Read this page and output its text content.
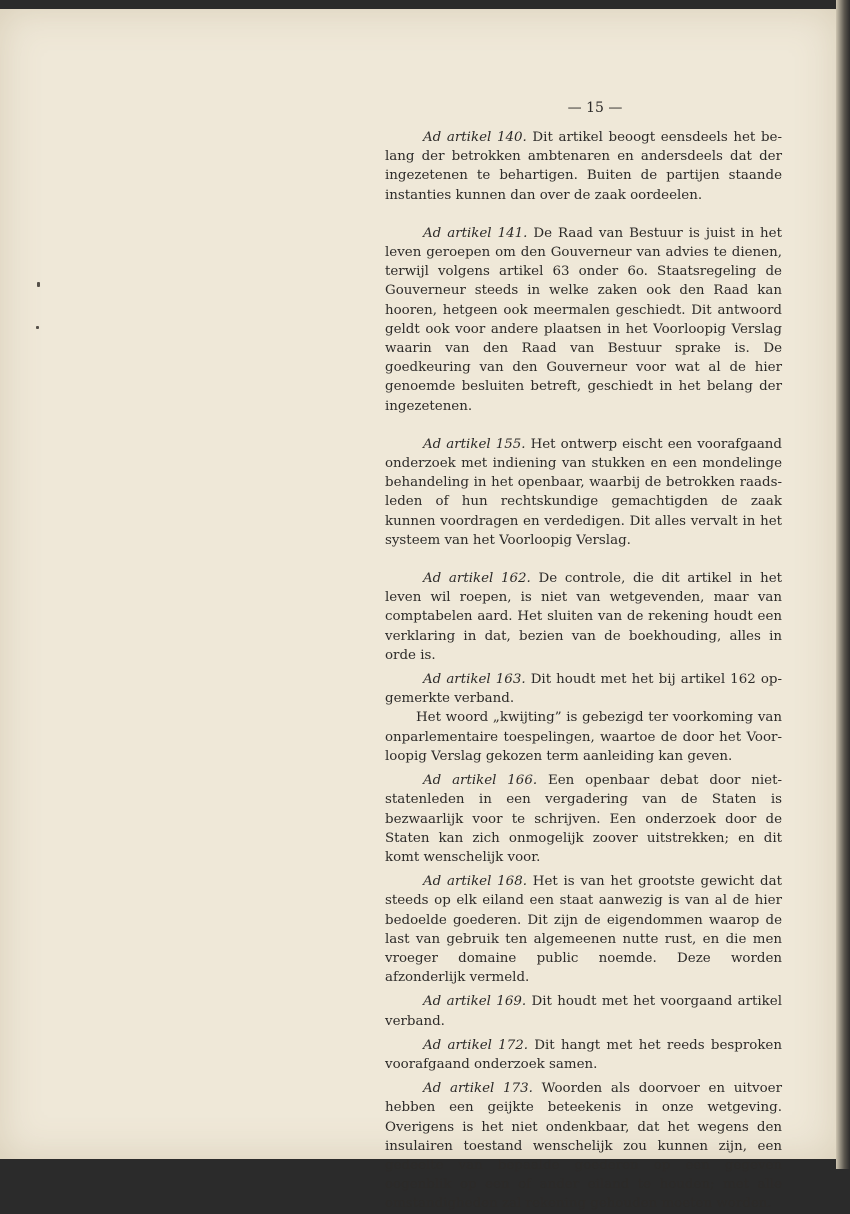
— 15 —

Ad artikel 140. Dit artikel beoogt eensdeels het belang der betrokken ambtenaren en andersdeels dat der ingezetenen te behartigen. Buiten de partijen staande instanties kunnen dan over de zaak oordeelen.

Ad artikel 141. De Raad van Bestuur is juist in het leven geroepen om den Gouverneur van advies te dienen, terwijl volgens artikel 63 onder 6o. Staatsregeling de Gouverneur steeds in welke zaken ook den Raad kan hooren, hetgeen ook meermalen geschiedt. Dit antwoord geldt ook voor andere plaatsen in het Voorloopig Verslag waarin van den Raad van Bestuur sprake is. De goedkeuring van den Gouverneur voor wat al de hier genoemde besluiten betreft, geschiedt in het belang der ingezetenen.

Ad artikel 155. Het ontwerp eischt een voorafgaand onderzoek met indiening van stukken en een mondelinge behandeling in het openbaar, waarbij de betrokken raadsleden of hun rechtskundige gemachtigden de zaak kunnen voordragen en verdedigen. Dit alles vervalt in het systeem van het Voorloopig Verslag.

Ad artikel 162. De controle, die dit artikel in het leven wil roepen, is niet van wetgevenden, maar van comptabelen aard. Het sluiten van de rekening houdt een verklaring in dat, bezien van de boekhouding, alles in orde is.

Ad artikel 163. Dit houdt met het bij artikel 162 opgemerkte verband.

Het woord „kwijting” is gebezigd ter voorkoming van onparlementaire toespelingen, waartoe de door het Voorloopig Verslag gekozen term aanleiding kan geven.

Ad artikel 166. Een openbaar debat door niet-statenleden in een vergadering van de Staten is bezwaarlijk voor te schrijven. Een onderzoek door de Staten kan zich onmogelijk zoover uitstrekken; en dit komt wenschelijk voor.

Ad artikel 168. Het is van het grootste gewicht dat steeds op elk eiland een staat aanwezig is van al de hier bedoelde goederen. Dit zijn de eigendommen waarop de last van gebruik ten algemeenen nutte rust, en die men vroeger domaine public noemde. Deze worden afzonderlijk vermeld.

Ad artikel 169. Dit houdt met het voorgaand artikel verband.

Ad artikel 172. Dit hangt met het reeds besproken voorafgaand onderzoek samen.

Ad artikel 173. Woorden als doorvoer en uitvoer hebben een geijkte beteekenis in onze wetgeving. Overigens is het niet ondenkbaar, dat het wegens den insulairen toestand wenschelijk zou kunnen zijn, een gedeelte van bepaalde goederen op een gegeven oogenblik op een of ander eiland te houden; met alle omstandigheden zal rekening gehouden moeten worden.
